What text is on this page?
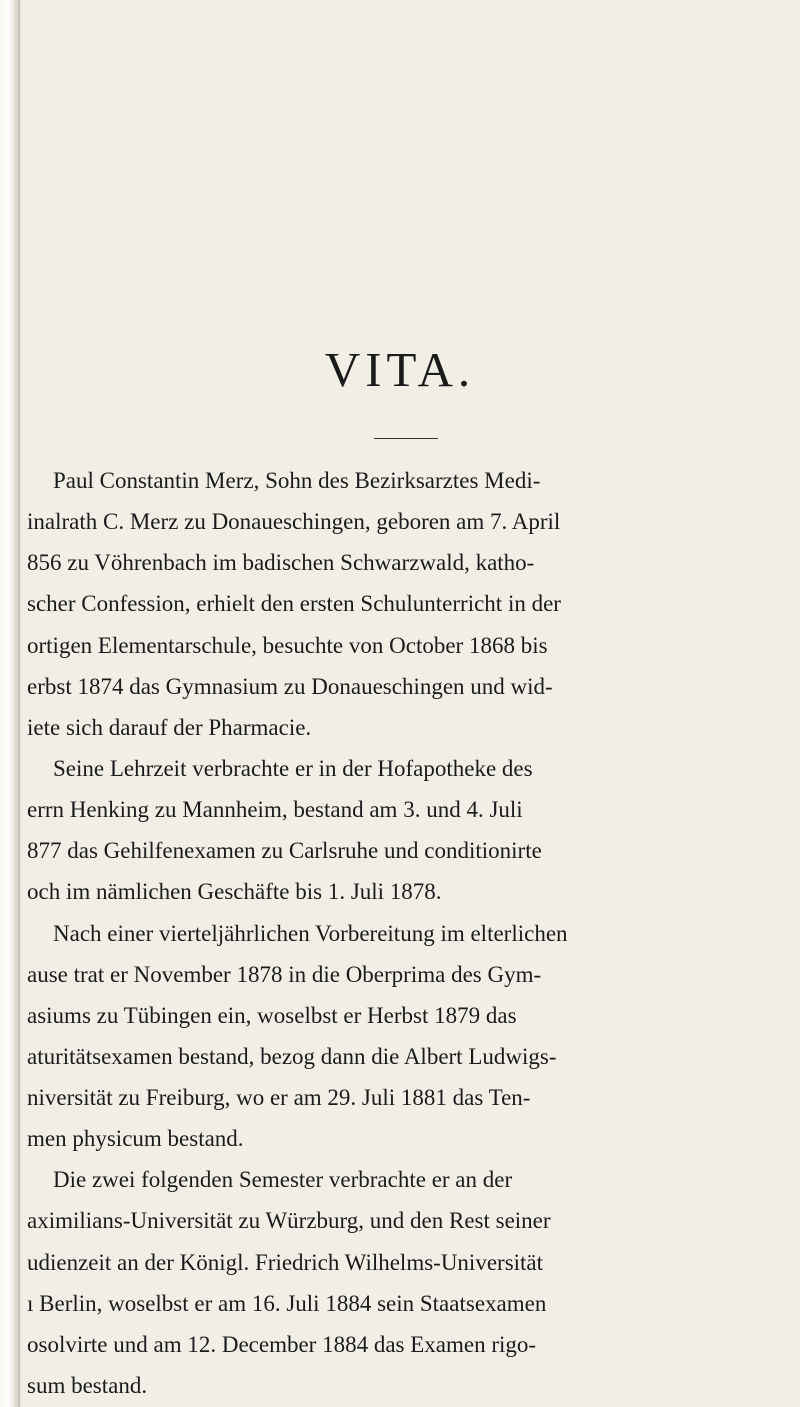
VITA.
Paul Constantin Merz, Sohn des Bezirksarztes Medi-
inalrath C. Merz zu Donaueschingen, geboren am 7. April
856 zu Vöhrenbach im badischen Schwarzwald, katho-
scher Confession, erhielt den ersten Schulunterricht in der
ortigen Elementarschule, besuchte von October 1868 bis
erbst 1874 das Gymnasium zu Donaueschingen und wid-
iete sich darauf der Pharmacie.
Seine Lehrzeit verbrachte er in der Hofapotheke des
errn Henking zu Mannheim, bestand am 3. und 4. Juli
877 das Gehilfenexamen zu Carlsruhe und conditionirte
och im nämlichen Geschäfte bis 1. Juli 1878.
Nach einer vierteljährlichen Vorbereitung im elterlichen
ause trat er November 1878 in die Oberprima des Gym-
asiums zu Tübingen ein, woselbst er Herbst 1879 das
aturitätsexamen bestand, bezog dann die Albert Ludwigs-
niversität zu Freiburg, wo er am 29. Juli 1881 das Ten-
men physicum bestand.
Die zwei folgenden Semester verbrachte er an der
aximilians-Universität zu Würzburg, und den Rest seiner
udienzeit an der Königl. Friedrich Wilhelms-Universität
ı Berlin, woselbst er am 16. Juli 1884 sein Staatsexamen
osolvirte und am 12. December 1884 das Examen rigo-
sum bestand.
